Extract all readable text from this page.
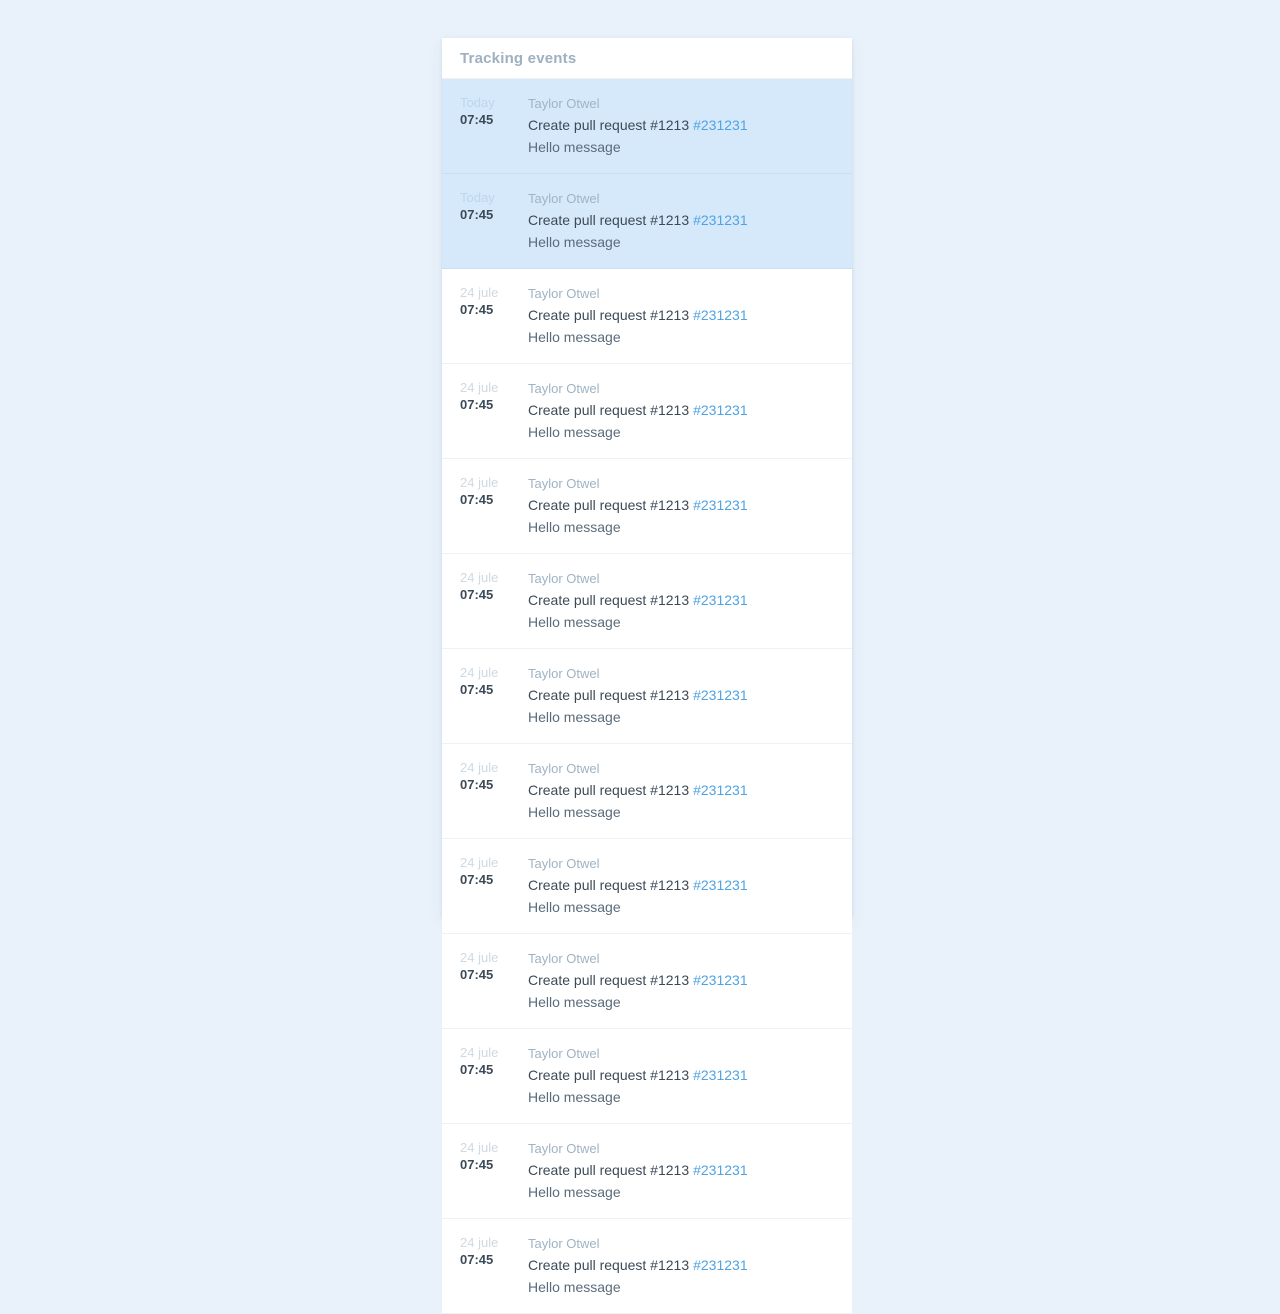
Tracking events
Today
07:45
Taylor Otwel
Create pull request #1213 #231231
Hello message
Today
07:45
Taylor Otwel
Create pull request #1213 #231231
Hello message
24 jule
07:45
Taylor Otwel
Create pull request #1213 #231231
Hello message
24 jule
07:45
Taylor Otwel
Create pull request #1213 #231231
Hello message
24 jule
07:45
Taylor Otwel
Create pull request #1213 #231231
Hello message
24 jule
07:45
Taylor Otwel
Create pull request #1213 #231231
Hello message
24 jule
07:45
Taylor Otwel
Create pull request #1213 #231231
Hello message
24 jule
07:45
Taylor Otwel
Create pull request #1213 #231231
Hello message
24 jule
07:45
Taylor Otwel
Create pull request #1213 #231231
Hello message
24 jule
07:45
Taylor Otwel
Create pull request #1213 #231231
Hello message
24 jule
07:45
Taylor Otwel
Create pull request #1213 #231231
Hello message
24 jule
07:45
Taylor Otwel
Create pull request #1213 #231231
Hello message
24 jule
07:45
Taylor Otwel
Create pull request #1213 #231231
Hello message
